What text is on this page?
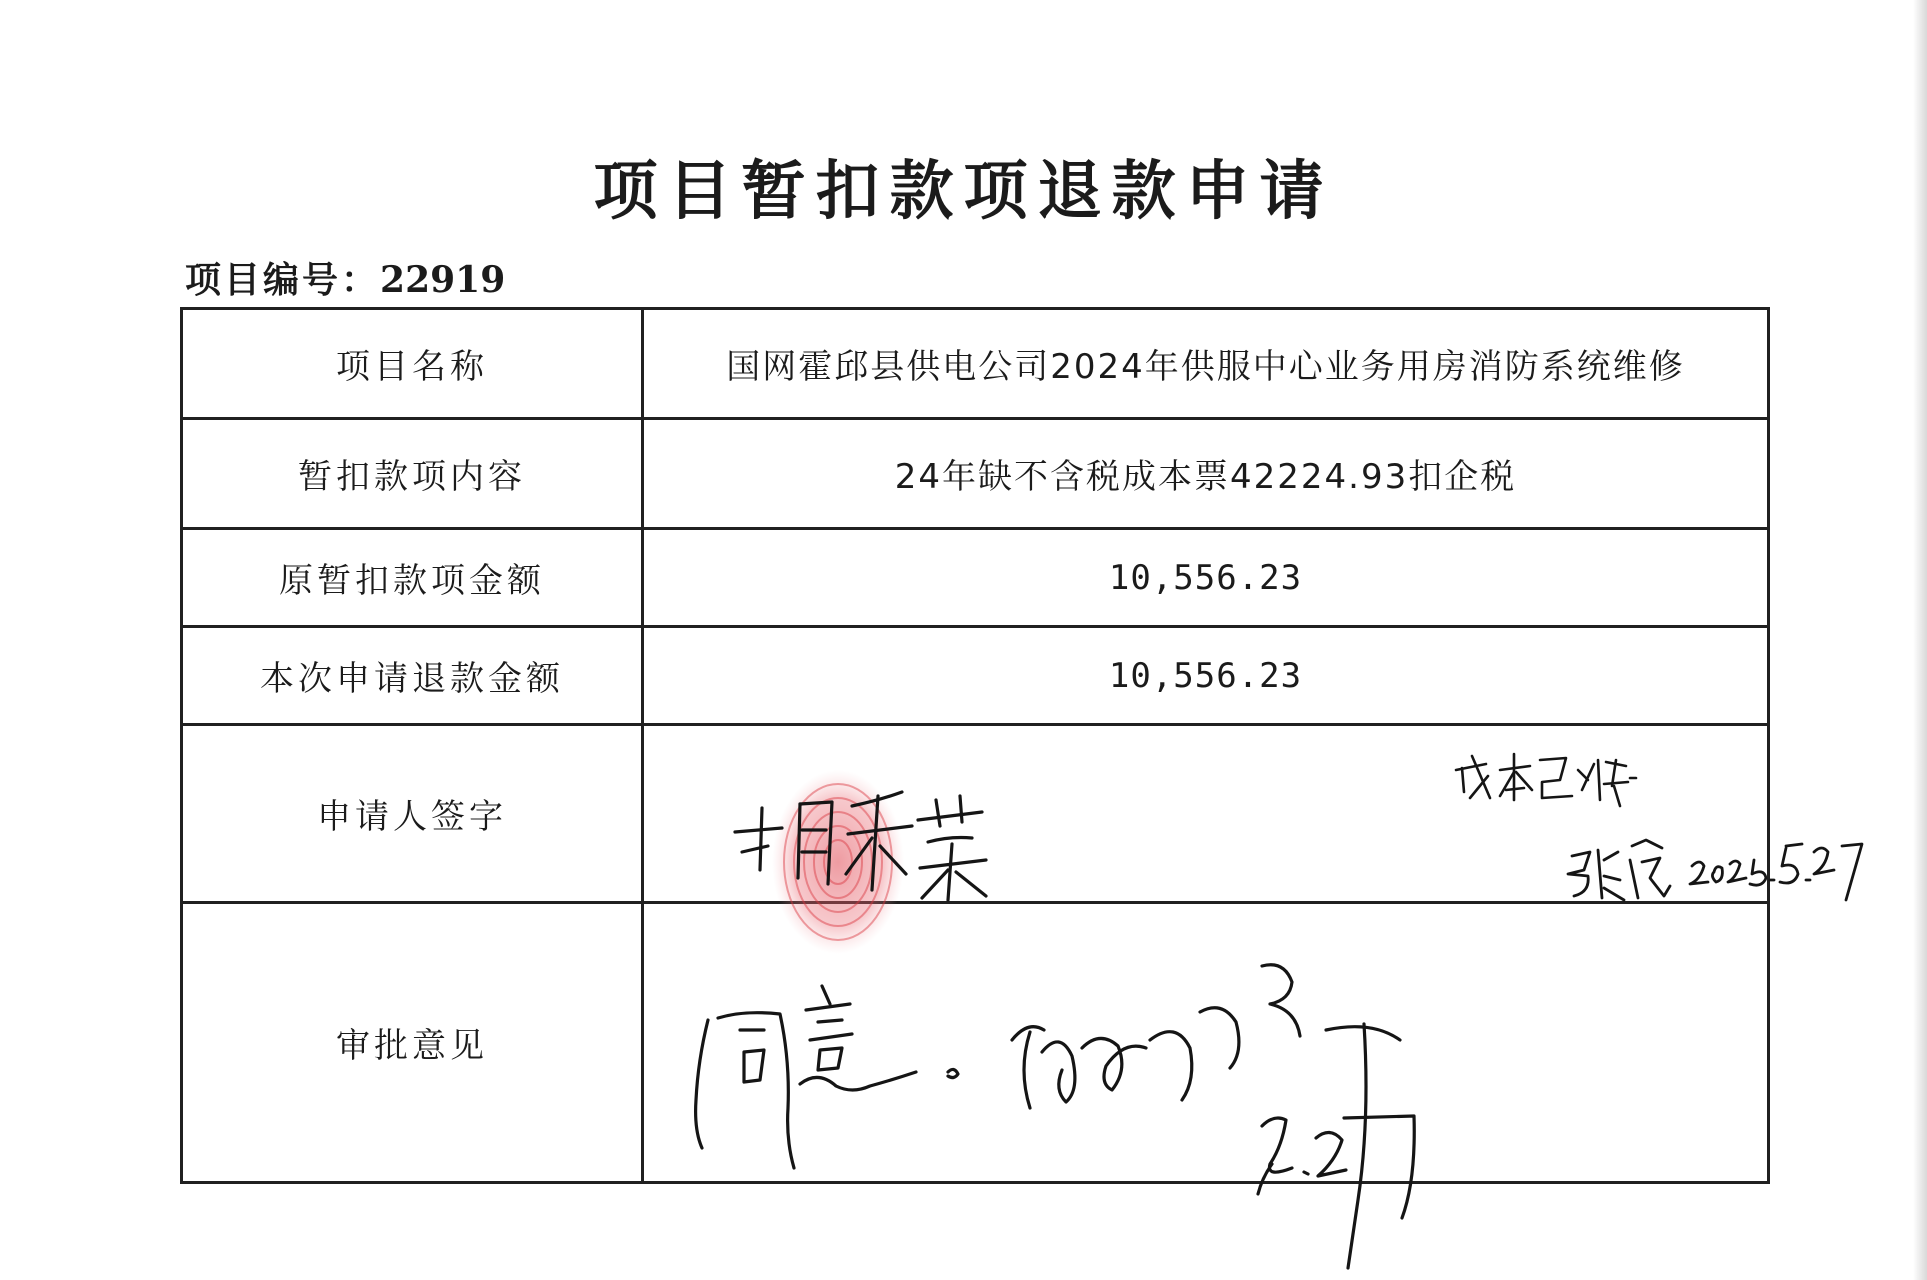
项目暂扣款项退款申请
项目编号：22919
项目名称	国网霍邱县供电公司2024年供服中心业务用房消防系统维修
暂扣款项内容	24年缺不含税成本票42224.93扣企税
原暂扣款项金额	10,556.23
本次申请退款金额	10,556.23
申请人签字	
审批意见	
